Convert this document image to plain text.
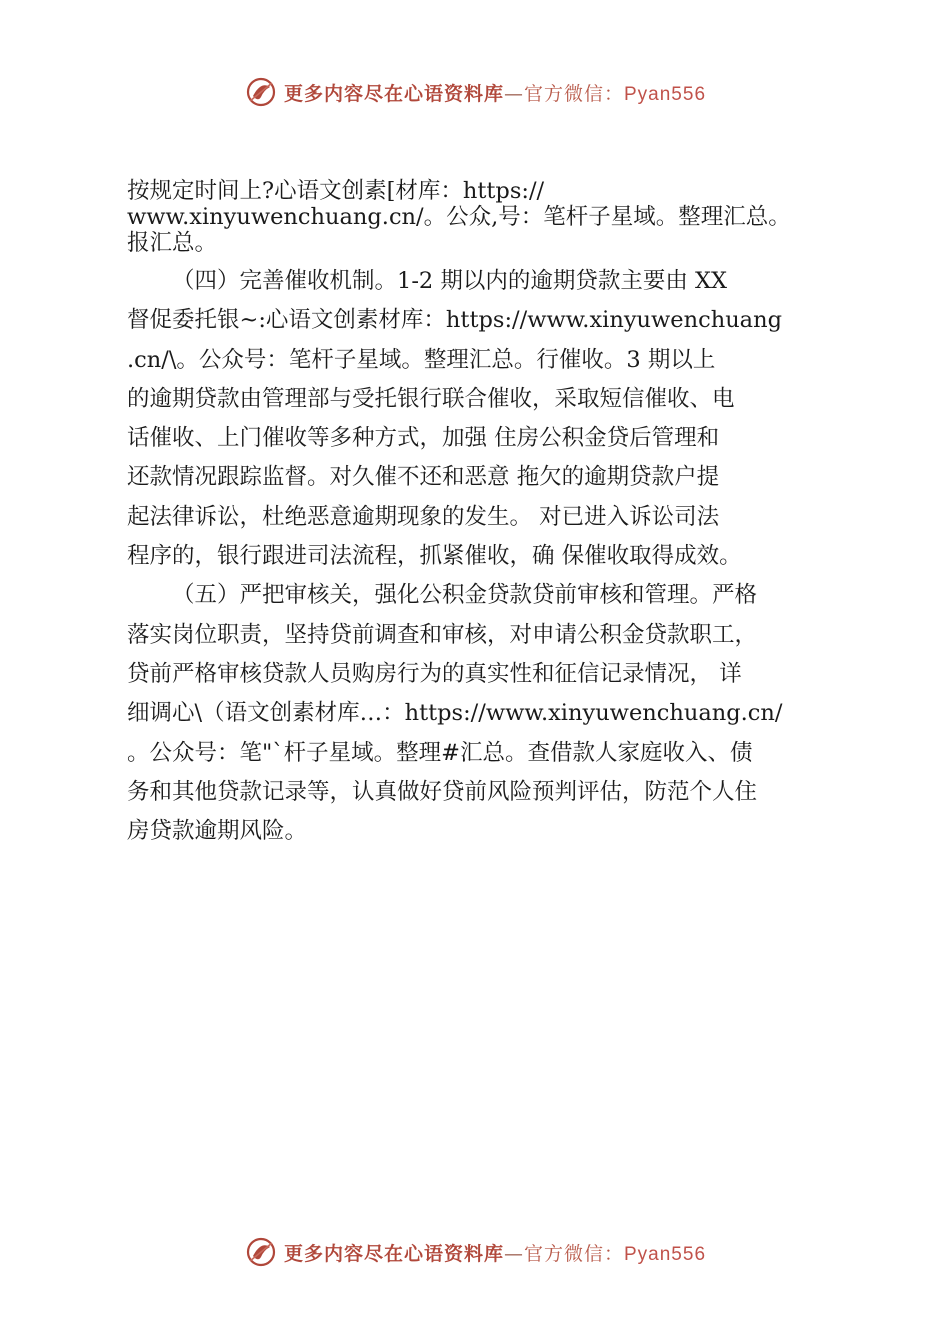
更多内容尽在心语资料库—官方微信：Pyan556
按规定时间上?心语文创素[材库：https://
www.xinyuwenchuang.cn/。公众,号：笔杆子星域。整理汇总。
报汇总。
（四）完善催收机制。1-2 期以内的逾期贷款主要由 XX
督促委托银~:心语文创素材库：https://www.xinyuwenchuang
.cn/\。公众号：笔杆子星域。整理汇总。行催收。3 期以上
的逾期贷款由管理部与受托银行联合催收，采取短信催收、电
话催收、上门催收等多种方式，加强 住房公积金贷后管理和
还款情况跟踪监督。对久催不还和恶意 拖欠的逾期贷款户提
起法律诉讼，杜绝恶意逾期现象的发生。 对已进入诉讼司法
程序的，银行跟进司法流程，抓紧催收，确 保催收取得成效。
（五）严把审核关，强化公积金贷款贷前审核和管理。严格
落实岗位职责，坚持贷前调查和审核，对申请公积金贷款职工，
贷前严格审核贷款人员购房行为的真实性和征信记录情况， 详
细调心\（语文创素材库…：https://www.xinyuwenchuang.cn/
。公众号：笔"`杆子星域。整理#汇总。查借款人家庭收入、债
务和其他贷款记录等，认真做好贷前风险预判评估，防范个人住
房贷款逾期风险。
更多内容尽在心语资料库—官方微信：Pyan556
